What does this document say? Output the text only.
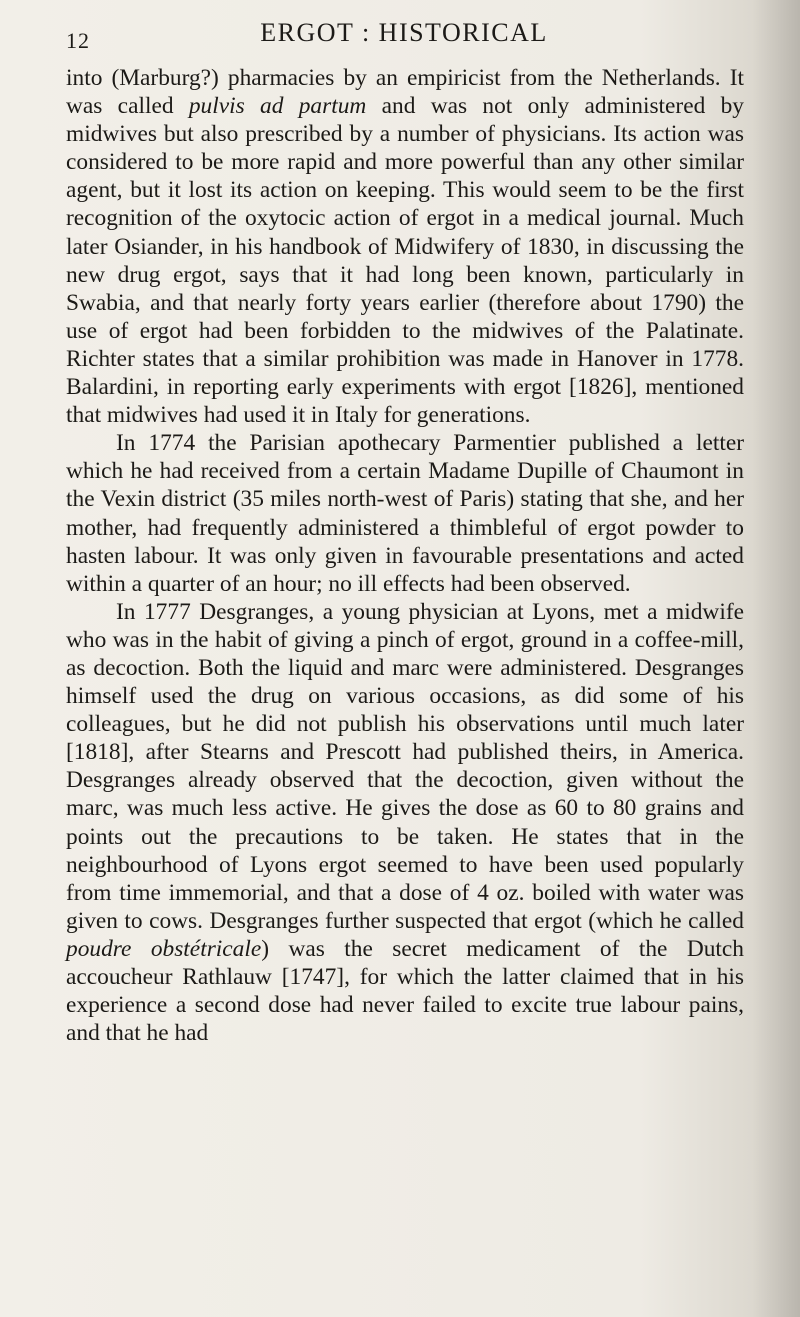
12	ERGOT : HISTORICAL

into (Marburg?) pharmacies by an empiricist from the Netherlands. It was called pulvis ad partum and was not only administered by midwives but also prescribed by a number of physicians. Its action was considered to be more rapid and more powerful than any other similar agent, but it lost its action on keeping. This would seem to be the first recognition of the oxytocic action of ergot in a medical journal. Much later Osiander, in his handbook of Midwifery of 1830, in discussing the new drug ergot, says that it had long been known, particularly in Swabia, and that nearly forty years earlier (therefore about 1790) the use of ergot had been forbidden to the midwives of the Palatinate. Richter states that a similar prohibition was made in Hanover in 1778. Balardini, in reporting early experiments with ergot [1826], mentioned that midwives had used it in Italy for generations.

In 1774 the Parisian apothecary Parmentier published a letter which he had received from a certain Madame Dupille of Chaumont in the Vexin district (35 miles north-west of Paris) stating that she, and her mother, had frequently administered a thimbleful of ergot powder to hasten labour. It was only given in favourable presentations and acted within a quarter of an hour; no ill effects had been observed.

In 1777 Desgranges, a young physician at Lyons, met a midwife who was in the habit of giving a pinch of ergot, ground in a coffee-mill, as decoction. Both the liquid and marc were administered. Desgranges himself used the drug on various occasions, as did some of his colleagues, but he did not publish his observations until much later [1818], after Stearns and Prescott had published theirs, in America. Desgranges already observed that the decoction, given without the marc, was much less active. He gives the dose as 60 to 80 grains and points out the precautions to be taken. He states that in the neighbourhood of Lyons ergot seemed to have been used popularly from time immemorial, and that a dose of 4 oz. boiled with water was given to cows. Desgranges further suspected that ergot (which he called poudre obstétricale) was the secret medicament of the Dutch accoucheur Rathlauw [1747], for which the latter claimed that in his experience a second dose had never failed to excite true labour pains, and that he had
